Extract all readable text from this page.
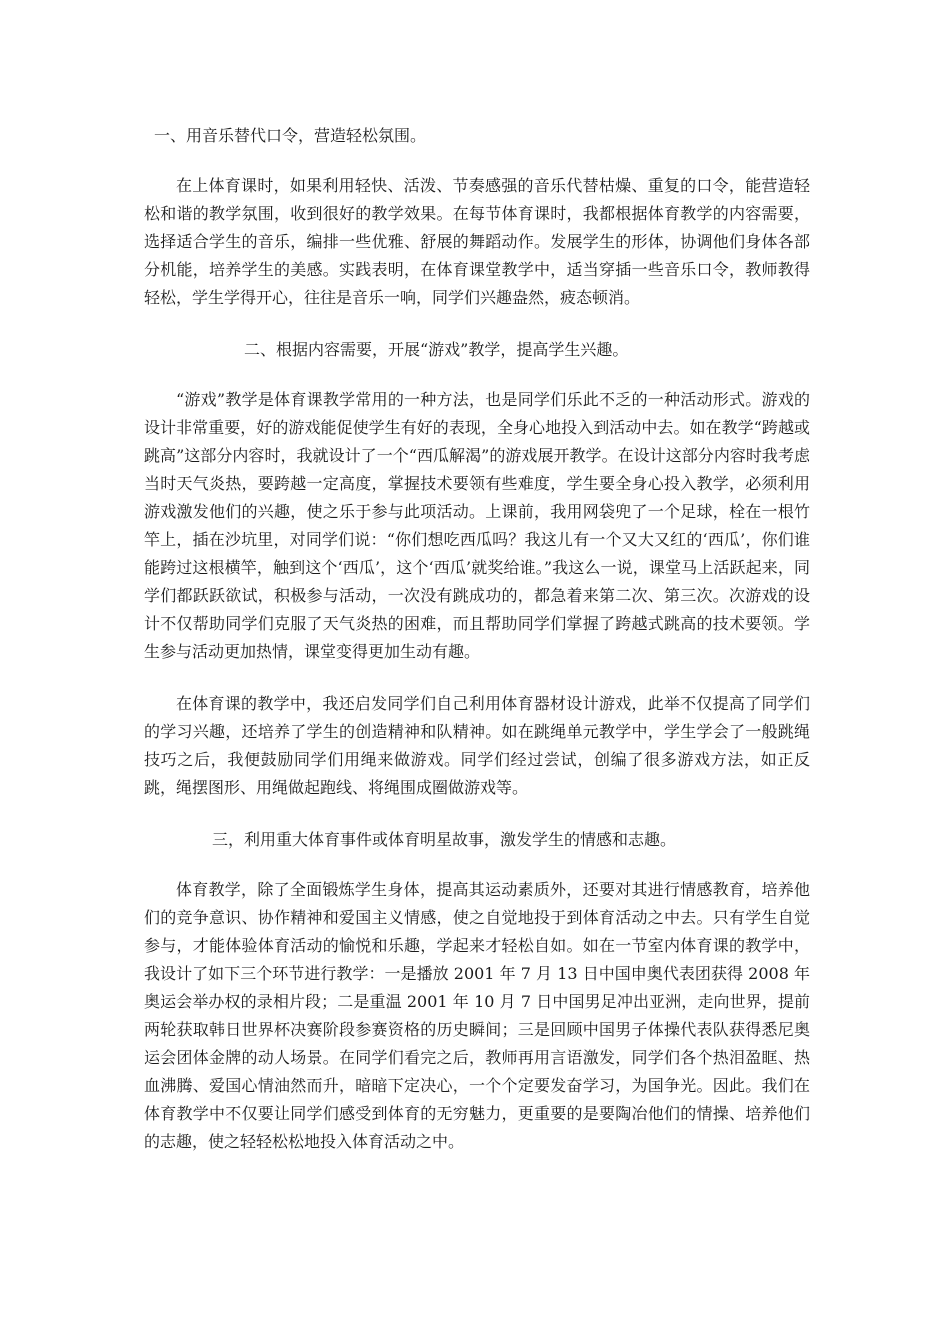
一、用音乐替代口令，营造轻松氛围。

在上体育课时，如果利用轻快、活泼、节奏感强的音乐代替枯燥、重复的口令，能营造轻松和谐的教学氛围，收到很好的教学效果。在每节体育课时，我都根据体育教学的内容需要，选择适合学生的音乐，编排一些优雅、舒展的舞蹈动作。发展学生的形体，协调他们身体各部分机能，培养学生的美感。实践表明，在体育课堂教学中，适当穿插一些音乐口令，教师教得轻松，学生学得开心，往往是音乐一响，同学们兴趣盎然，疲态顿消。

二、根据内容需要，开展“游戏”教学，提高学生兴趣。

“游戏”教学是体育课教学常用的一种方法，也是同学们乐此不乏的一种活动形式。游戏的设计非常重要，好的游戏能促使学生有好的表现，全身心地投入到活动中去。如在教学“跨越或跳高”这部分内容时，我就设计了一个“西瓜解渴”的游戏展开教学。在设计这部分内容时我考虑当时天气炎热，要跨越一定高度，掌握技术要领有些难度，学生要全身心投入教学，必须利用游戏激发他们的兴趣，使之乐于参与此项活动。上课前，我用网袋兜了一个足球，栓在一根竹竿上，插在沙坑里，对同学们说：“你们想吃西瓜吗？我这儿有一个又大又红的‘西瓜’，你们谁能跨过这根横竿，触到这个‘西瓜’，这个‘西瓜’就奖给谁。”我这么一说，课堂马上活跃起来，同学们都跃跃欲试，积极参与活动，一次没有跳成功的，都急着来第二次、第三次。次游戏的设计不仅帮助同学们克服了天气炎热的困难，而且帮助同学们掌握了跨越式跳高的技术要领。学生参与活动更加热情，课堂变得更加生动有趣。

在体育课的教学中，我还启发同学们自己利用体育器材设计游戏，此举不仅提高了同学们的学习兴趣，还培养了学生的创造精神和队精神。如在跳绳单元教学中，学生学会了一般跳绳技巧之后，我便鼓励同学们用绳来做游戏。同学们经过尝试，创编了很多游戏方法，如正反跳，绳摆图形、用绳做起跑线、将绳围成圈做游戏等。

三，利用重大体育事件或体育明星故事，激发学生的情感和志趣。

体育教学，除了全面锻炼学生身体，提高其运动素质外，还要对其进行情感教育，培养他们的竞争意识、协作精神和爱国主义情感，使之自觉地投于到体育活动之中去。只有学生自觉参与，才能体验体育活动的愉悦和乐趣，学起来才轻松自如。如在一节室内体育课的教学中，我设计了如下三个环节进行教学：一是播放 2001 年 7 月 13 日中国申奥代表团获得 2008 年奥运会举办权的录相片段；二是重温 2001 年 10 月 7 日中国男足冲出亚洲，走向世界，提前两轮获取韩日世界杯决赛阶段参赛资格的历史瞬间；三是回顾中国男子体操代表队获得悉尼奥运会团体金牌的动人场景。在同学们看完之后，教师再用言语激发，同学们各个热泪盈眶、热血沸腾、爱国心情油然而升，暗暗下定决心，一个个定要发奋学习，为国争光。因此。我们在体育教学中不仅要让同学们感受到体育的无穷魅力，更重要的是要陶冶他们的情操、培养他们的志趣，使之轻轻松松地投入体育活动之中。
